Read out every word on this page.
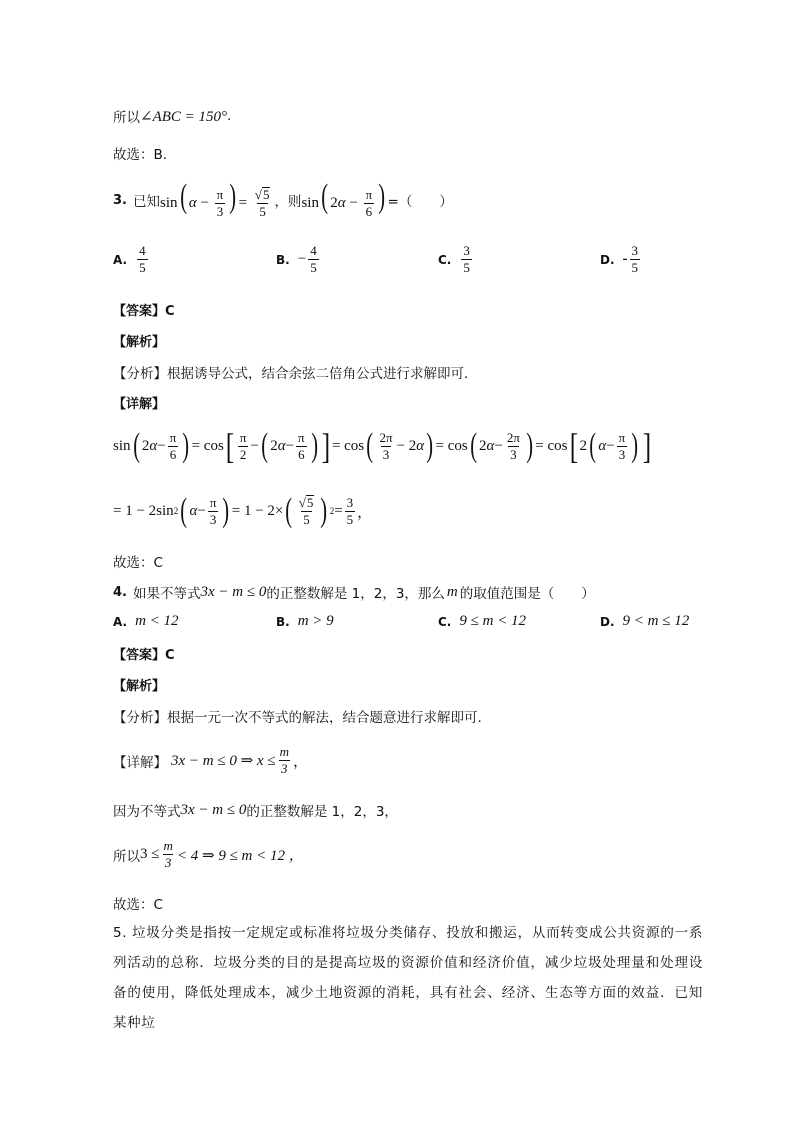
所以 ∠ABC = 150° .
故选：B.
3. 已知 sin( $\alpha - \frac{\pi}{3}$ ) = $\frac{√ 5}{5}$ ，则 sin( $2\alpha - \frac{\pi}{6}$ ) =（　　）
A. $\frac{4}{5}$	B. − $\frac{4}{5}$	C. $\frac{3}{5}$	D. - $\frac{3}{5}$
【答案】C
【解析】
【分析】根据诱导公式，结合余弦二倍角公式进行求解即可.
【详解】
sin ( 2 $\alpha - \frac{\pi}{6}$ ) = cos [ $\frac{\pi}{2}$ − ( 2 $\alpha - \frac{\pi}{6}$ ) ] = cos ( $\frac{2\pi}{3} - 2$ α ) = cos ( 2 $\alpha - \frac{2\pi}{3}$ ) = cos [ 2 ( $\alpha - \frac{\pi}{3}$ ) ]
= 1 − 2sin 2 ( $\alpha - \frac{\pi}{3}$ ) = 1 − 2× ( $\frac{√ 5}{5}$ ) $2 = \frac{3}{5}$ ，
故选：C
4. 如果不等式 3x − m ≤ 0 的正整数解是 1，2，3，那么 m 的取值范围是（　　）
A. m < 12	B. m > 9	C. 9 ≤ m < 12	D. 9 < m ≤ 12
【答案】C
【解析】
【分析】根据一元一次不等式的解法，结合题意进行求解即可.
【详解】 3x − m ≤ 0 ⇒ $x \le \frac{m}{3}$ ，
因为不等式 3x − m ≤ 0 的正整数解是 1，2，3，
所以 $3 \le \frac{m}{3} < 4$ ⇒ 9 ≤ m < 12 ，
故选：C
5. 垃圾分类是指按一定规定或标准将垃圾分类储存、投放和搬运，从而转变成公共资源的一系列活动的总称．垃圾分类的目的是提高垃圾的资源价值和经济价值，减少垃圾处理量和处理设备的使用，降低处理成本，减少土地资源的消耗，具有社会、经济、生态等方面的效益．已知某种垃
